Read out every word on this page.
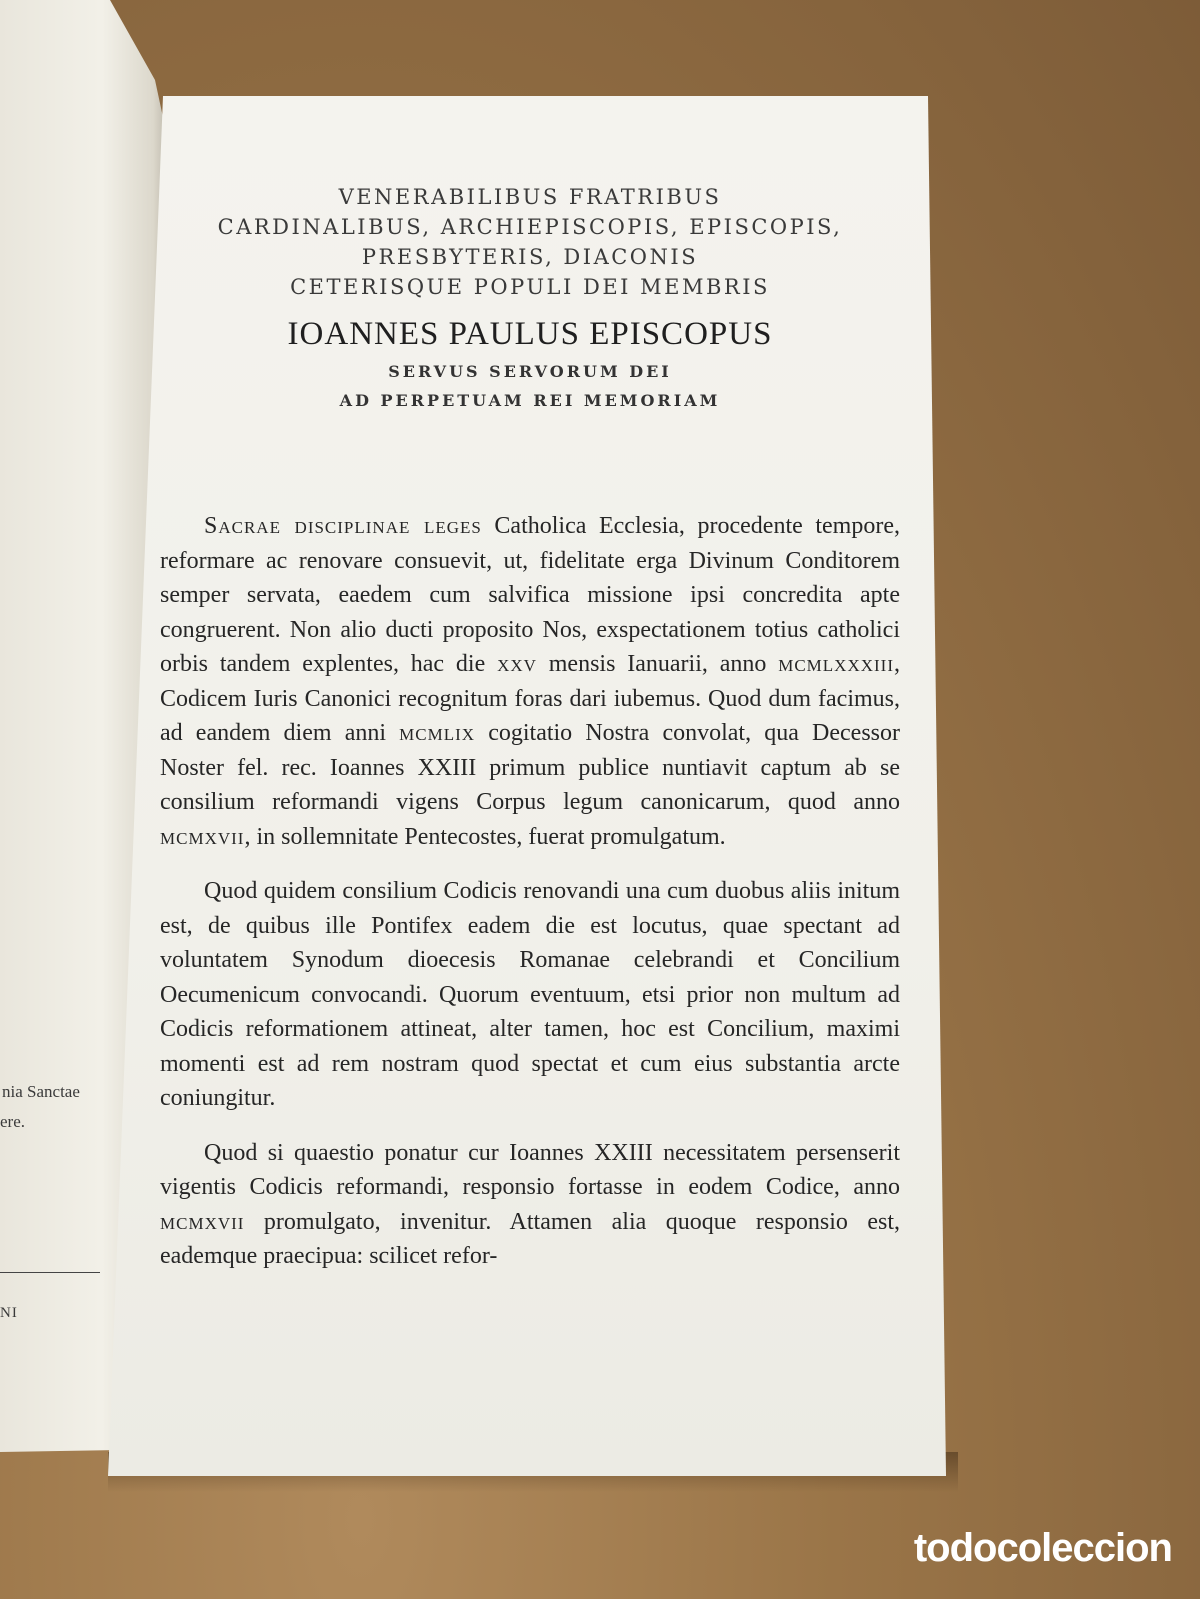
nia Sanctae
ere.
NI

VENERABILIBUS FRATRIBUS

CARDINALIBUS, ARCHIEPISCOPIS, EPISCOPIS,

PRESBYTERIS, DIACONIS

CETERISQUE POPULI DEI MEMBRIS

IOANNES PAULUS EPISCOPUS

SERVUS SERVORUM DEI

AD PERPETUAM REI MEMORIAM

Sacrae disciplinae leges Catholica Ecclesia, procedente tempore, reformare ac renovare consuevit, ut, fidelitate erga Divinum Conditorem semper servata, eaedem cum salvifica missione ipsi concredita apte congruerent. Non alio ducti proposito Nos, exspectationem totius catholici orbis tandem explentes, hac die xxv mensis Ianuarii, anno mcmlxxxiii, Codicem Iuris Canonici recognitum foras dari iubemus. Quod dum facimus, ad eandem diem anni mcmlix cogitatio Nostra convolat, qua Decessor Noster fel. rec. Ioannes XXIII primum publice nuntiavit captum ab se consilium reformandi vigens Corpus legum canonicarum, quod anno mcmxvii, in sollemnitate Pentecostes, fuerat promulgatum.

Quod quidem consilium Codicis renovandi una cum duobus aliis initum est, de quibus ille Pontifex eadem die est locutus, quae spectant ad voluntatem Synodum dioecesis Romanae celebrandi et Concilium Oecumenicum convocandi. Quorum eventuum, etsi prior non multum ad Codicis reformationem attineat, alter tamen, hoc est Concilium, maximi momenti est ad rem nostram quod spectat et cum eius substantia arcte coniungitur.

Quod si quaestio ponatur cur Ioannes XXIII necessitatem persenserit vigentis Codicis reformandi, responsio fortasse in eodem Codice, anno mcmxvii promulgato, invenitur. Attamen alia quoque responsio est, eademque praecipua: scilicet refor-

todocoleccion
